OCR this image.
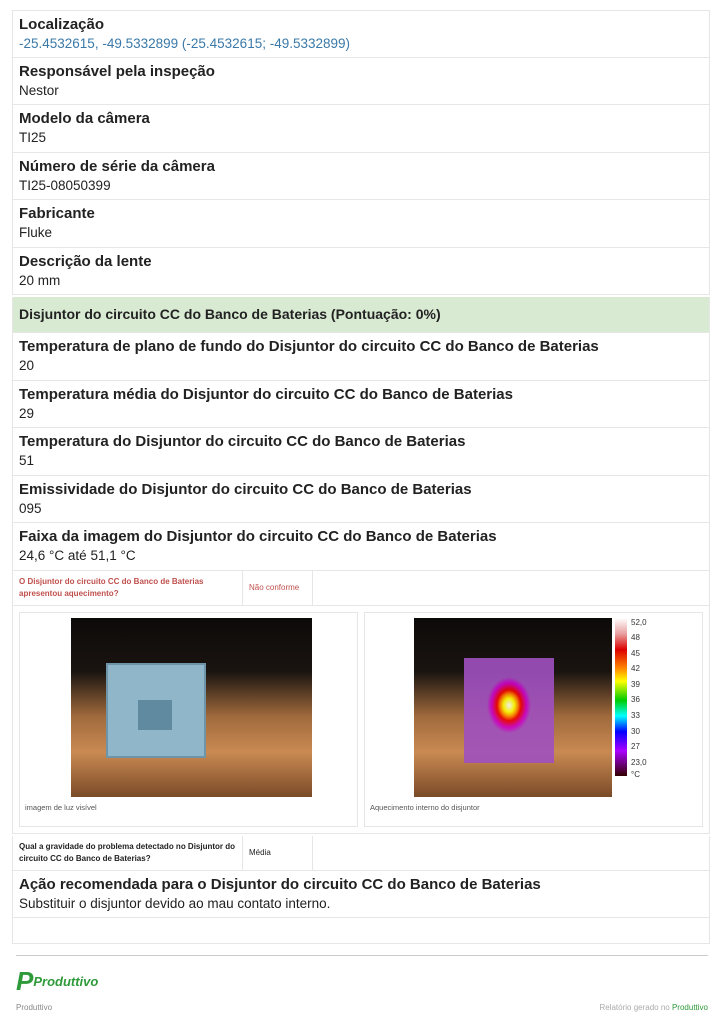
Localização
-25.4532615, -49.5332899 (-25.4532615; -49.5332899)
Responsável pela inspeção
Nestor
Modelo da câmera
TI25
Número de série da câmera
TI25-08050399
Fabricante
Fluke
Descrição da lente
20 mm
Disjuntor do circuito CC do Banco de Baterias (Pontuação: 0%)
Temperatura de plano de fundo do Disjuntor do circuito CC do Banco de Baterias
20
Temperatura média do Disjuntor do circuito CC do Banco de Baterias
29
Temperatura do Disjuntor do circuito CC do Banco de Baterias
51
Emissividade do Disjuntor do circuito CC do Banco de Baterias
095
Faixa da imagem do Disjuntor do circuito CC do Banco de Baterias
24,6 °C até 51,1 °C
O Disjuntor do circuito CC do Banco de Baterias apresentou aquecimento?
Não conforme
imagem de luz visível
52,0
48
45
42
39
36
33
30
27
23,0
°C
Aquecimento interno do disjuntor
Qual a gravidade do problema detectado no Disjuntor do circuito CC do Banco de Baterias?
Média
Ação recomendada para o Disjuntor do circuito CC do Banco de Baterias
Substituir o disjuntor devido ao mau contato interno.
PProduttivo
Produttivo	Relatório gerado no Produttivo
